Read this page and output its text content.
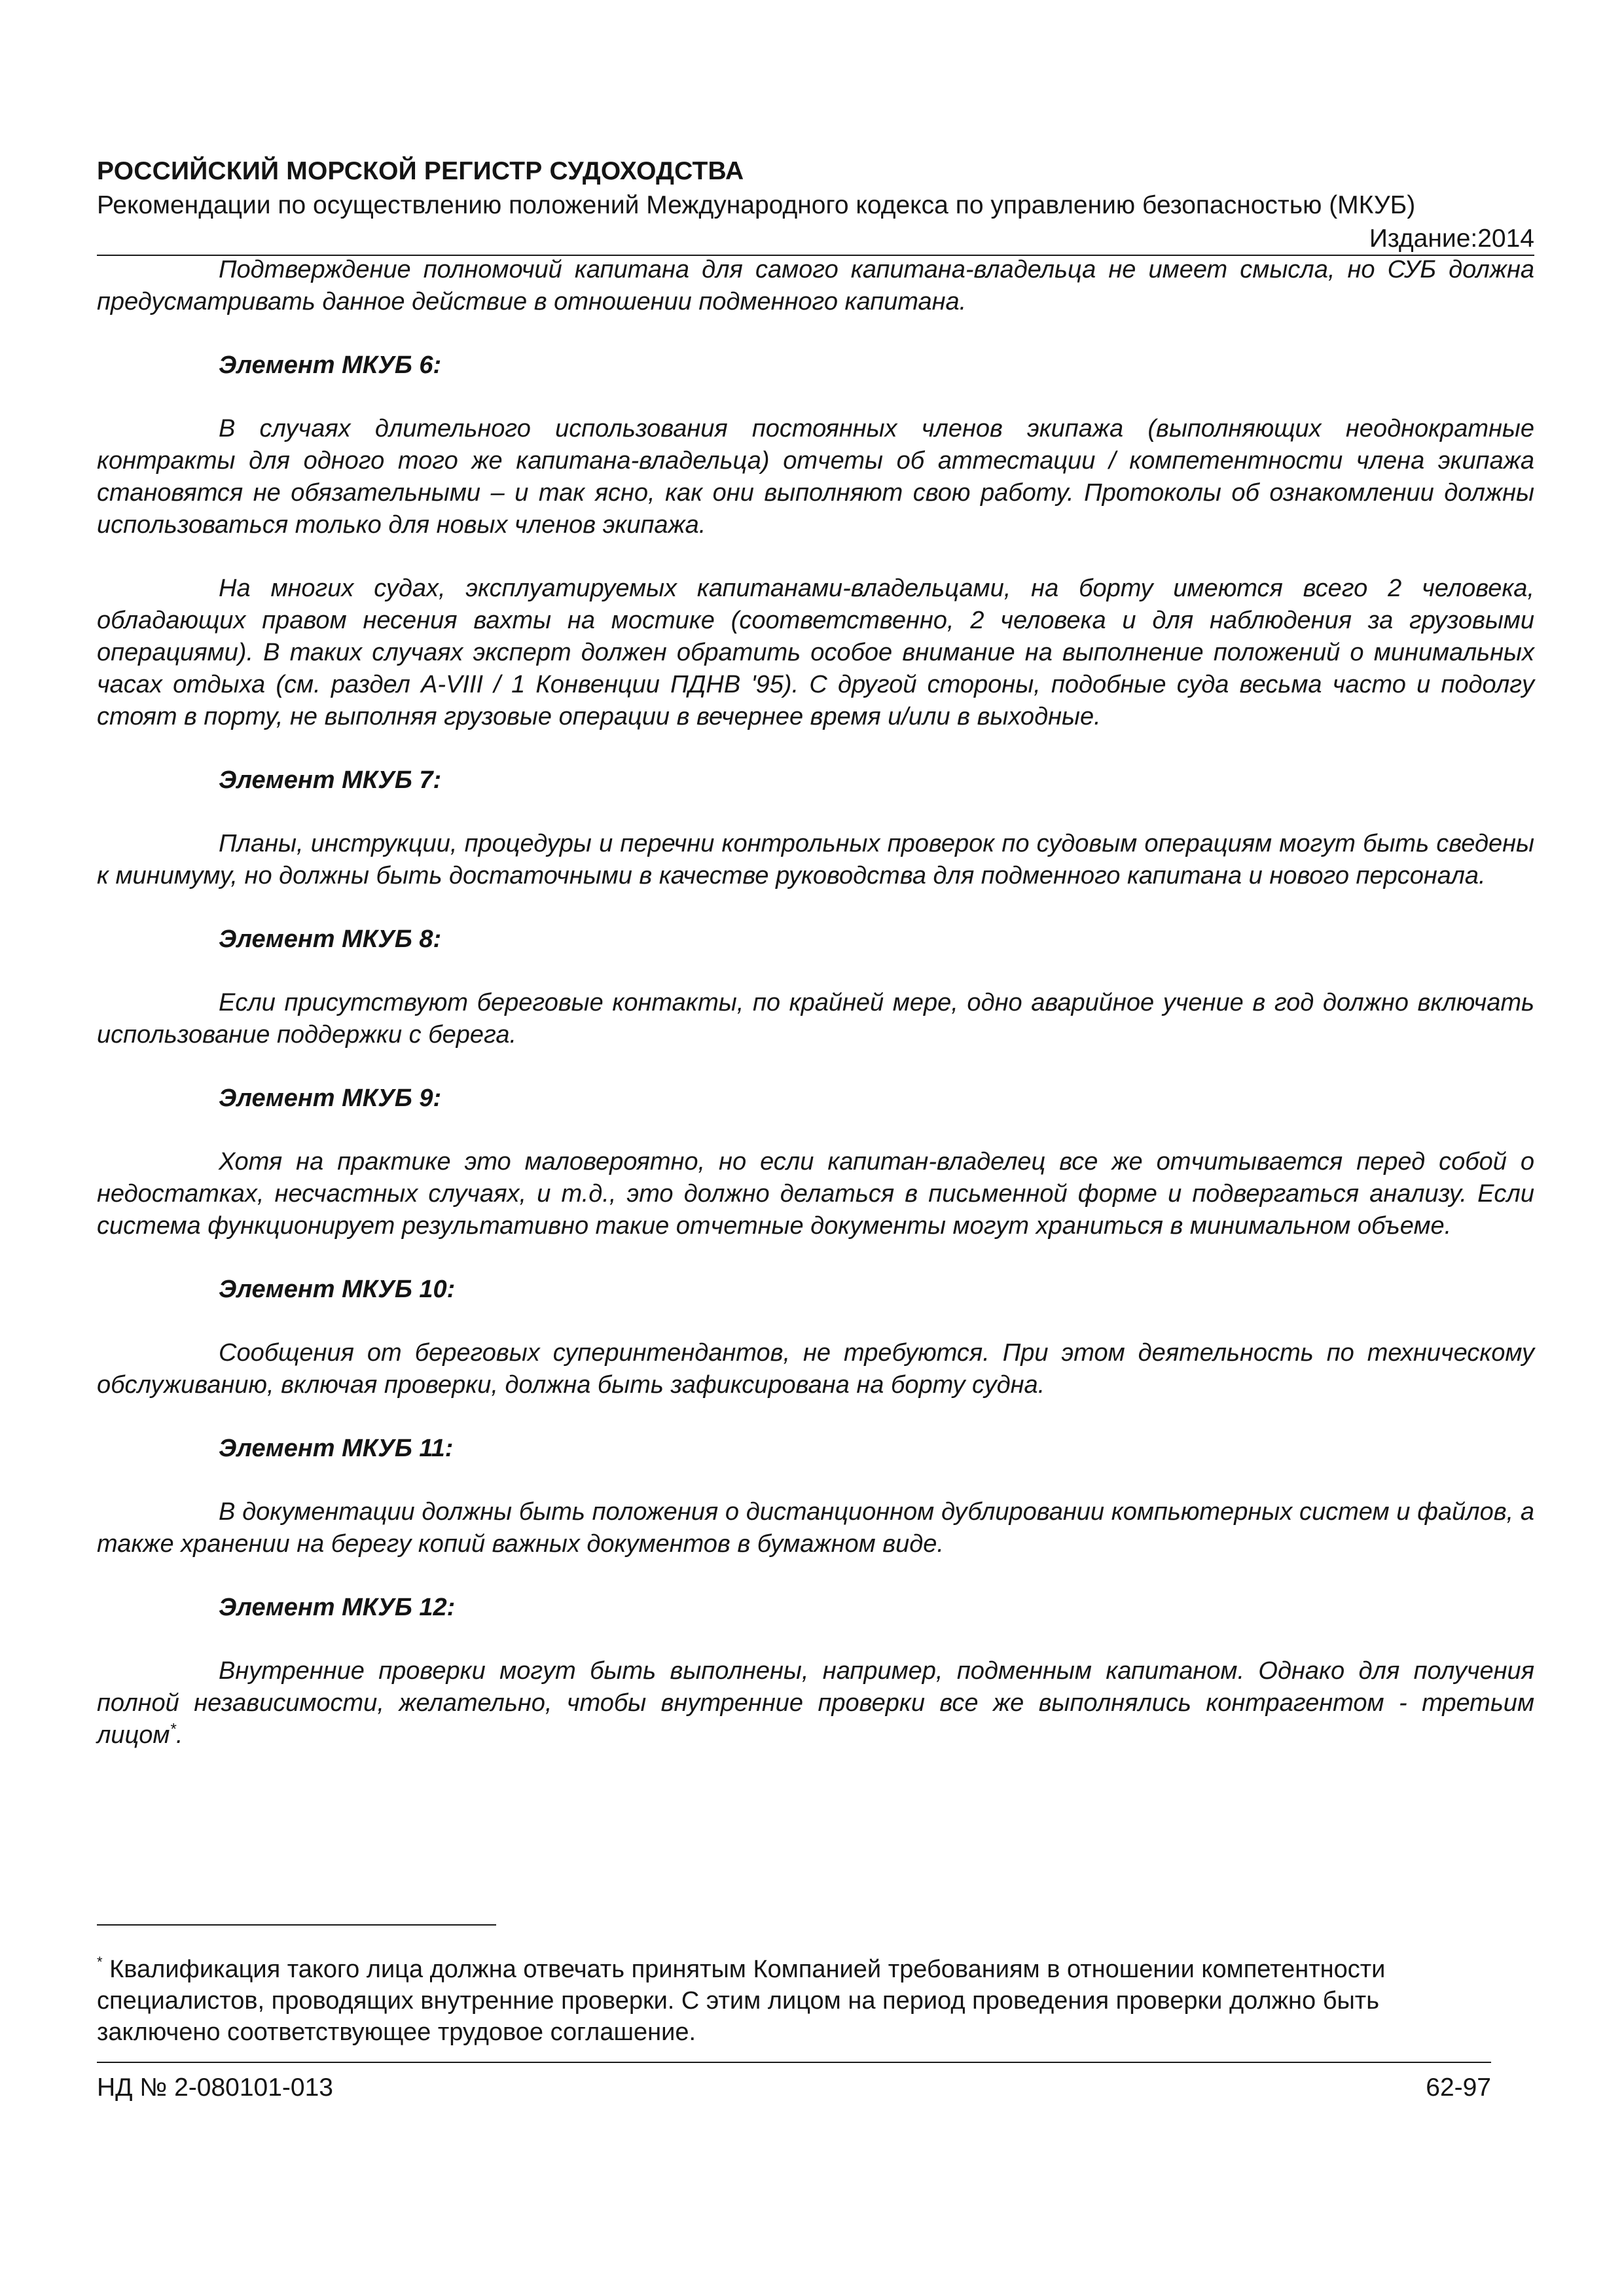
РОССИЙСКИЙ МОРСКОЙ РЕГИСТР СУДОХОДСТВА
Рекомендации по осуществлению положений Международного кодекса по управлению безопасностью (МКУБ)
Издание:2014

Подтверждение полномочий капитана для самого капитана-владельца не имеет смысла, но СУБ должна предусматривать данное действие в отношении подменного капитана.

Элемент МКУБ 6:

В случаях длительного использования постоянных членов экипажа (выполняющих неоднократные контракты для одного того же капитана-владельца) отчеты об аттестации / компетентности члена экипажа становятся не обязательными – и так ясно, как они выполняют свою работу. Протоколы об ознакомлении должны использоваться только для новых членов экипажа.

На многих судах, эксплуатируемых капитанами-владельцами, на борту имеются всего 2 человека, обладающих правом несения вахты на мостике (соответственно, 2 человека и для наблюдения за грузовыми операциями). В таких случаях эксперт должен обратить особое внимание на выполнение положений о минимальных часах отдыха (см. раздел A-VIII / 1 Конвенции ПДНВ '95). С другой стороны, подобные суда весьма часто и подолгу стоят в порту, не выполняя грузовые операции в вечернее время и/или в выходные.

Элемент МКУБ 7:

Планы, инструкции, процедуры и перечни контрольных проверок по судовым операциям могут быть сведены к минимуму, но должны быть достаточными в качестве руководства для подменного капитана и нового персонала.

Элемент МКУБ 8:

Если присутствуют береговые контакты, по крайней мере, одно аварийное учение в год должно включать использование поддержки с берега.

Элемент МКУБ 9:

Хотя на практике это маловероятно, но если капитан-владелец все же отчитывается перед собой о недостатках, несчастных случаях, и т.д., это должно делаться в письменной форме и подвергаться анализу. Если система функционирует результативно такие отчетные документы могут храниться в минимальном объеме.

Элемент МКУБ 10:

Сообщения от береговых суперинтендантов, не требуются. При этом деятельность по техническому обслуживанию, включая проверки, должна быть зафиксирована на борту судна.

Элемент МКУБ 11:

В документации должны быть положения о дистанционном дублировании компьютерных систем и файлов, а также хранении на берегу копий важных документов в бумажном виде.

Элемент МКУБ 12:

Внутренние проверки могут быть выполнены, например, подменным капитаном. Однако для получения полной независимости, желательно, чтобы внутренние проверки все же выполнялись контрагентом - третьим лицом*.

* Квалификация такого лица должна отвечать принятым Компанией требованиям в отношении компетентности специалистов, проводящих внутренние проверки. С этим лицом на период проведения проверки должно быть заключено соответствующее трудовое соглашение.
НД № 2-080101-013	62-97
